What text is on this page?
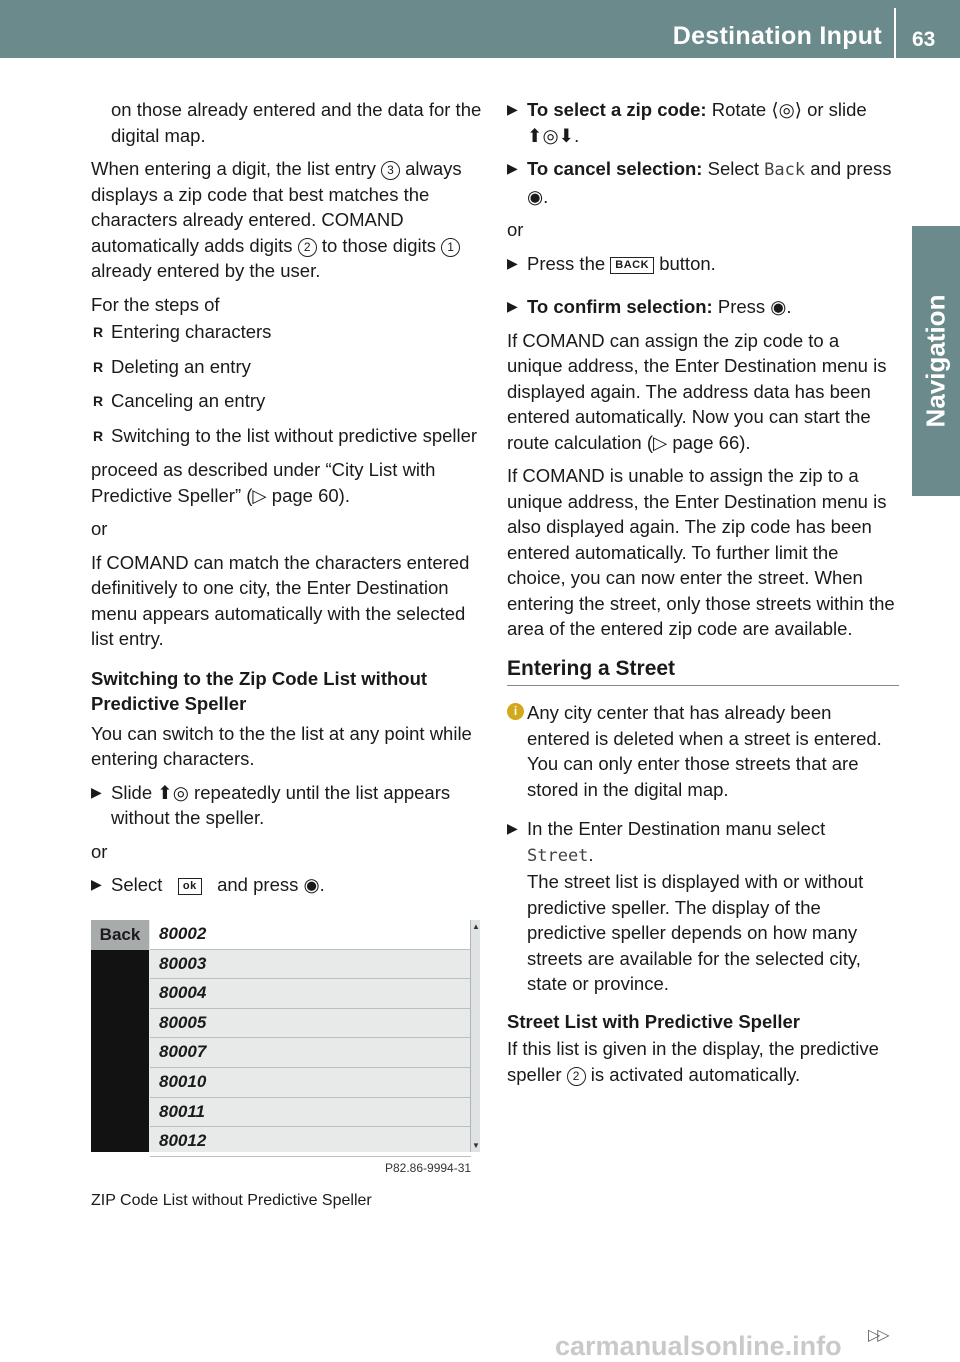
Destination Input 63
Navigation

on those already entered and the data for the digital map.

When entering a digit, the list entry 3 always displays a zip code that best matches the characters already entered. COMAND automatically adds digits 2 to those digits 1 already entered by the user.

For the steps of

R Entering characters
R Deleting an entry
R Canceling an entry
R Switching to the list without predictive speller

proceed as described under “City List with Predictive Speller” (▷ page 60).

or

If COMAND can match the characters entered definitively to one city, the Enter Destination menu appears automatically with the selected list entry.

Switching to the Zip Code List without Predictive Speller

You can switch to the the list at any point while entering characters.

▶ Slide ⬆◎ repeatedly until the list appears without the speller.

or

▶ Select ok and press ◉.
Back	80002
80003
80004
80005
80007
80010
80011
80012
▲
▼
P82.86-9994-31
ZIP Code List without Predictive Speller
▶ To select a zip code: Rotate ⟨◎⟩ or slide ⬆◎⬇.
▶ To cancel selection: Select Back and press ◉.

or

▶ Press the BACK button.
▶ To confirm selection: Press ◉.

If COMAND can assign the zip code to a unique address, the Enter Destination menu is displayed again. The address data has been entered automatically. Now you can start the route calculation (▷ page 66).

If COMAND is unable to assign the zip to a unique address, the Enter Destination menu is also displayed again. The zip code has been entered automatically. To further limit the choice, you can now enter the street. When entering the street, only those streets within the area of the entered zip code are available.

Entering a Street
i Any city center that has already been entered is deleted when a street is entered. You can only enter those streets that are stored in the digital map.
▶ In the Enter Destination manu select
Street.
The street list is displayed with or without predictive speller. The display of the predictive speller depends on how many streets are available for the selected city, state or province.

Street List with Predictive Speller

If this list is given in the display, the predictive speller 2 is activated automatically.

▷▷
carmanualsonline.info
